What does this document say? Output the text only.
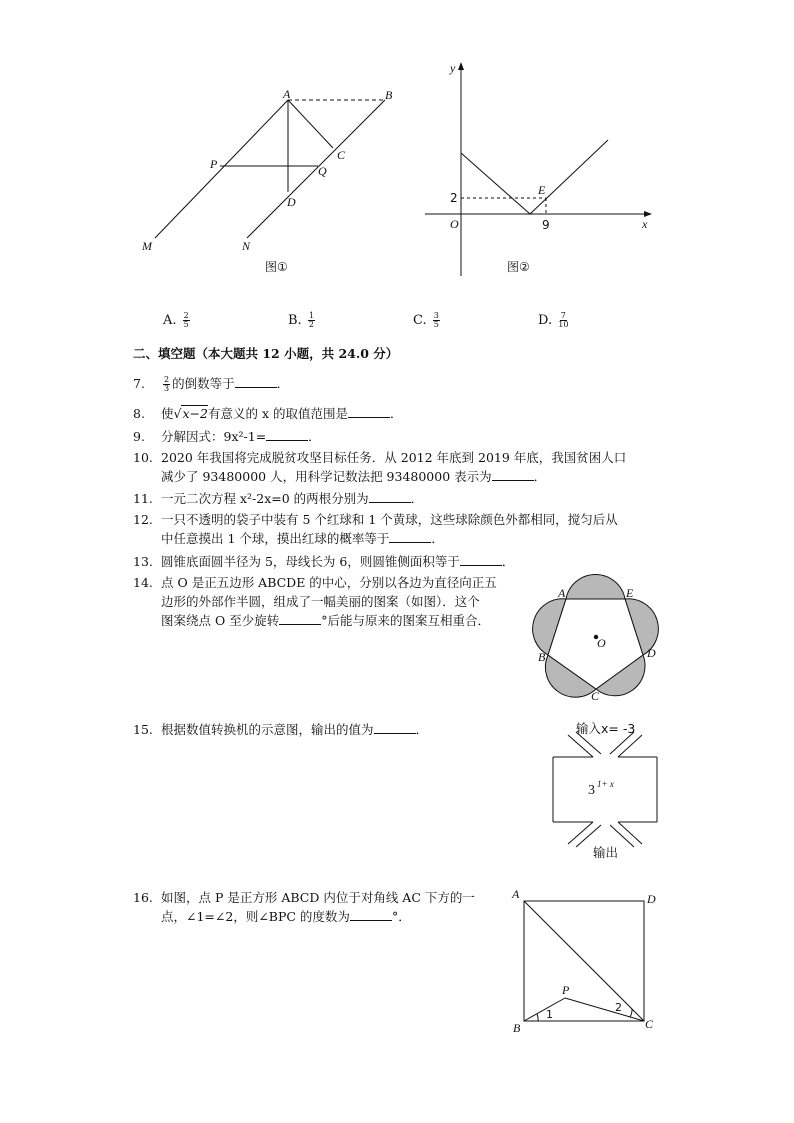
A	B
C
P	Q
D
M	N
图①
y
x
O
E
2
9
图②
A. $\frac{2}{5}$	B. $\frac{1}{2}$	C. $\frac{3}{5}$	D. $\frac{7}{10}$
二、填空题（本大题共 12 小题，共 24.0 分）
7. $\frac{2}{3}$ 的倒数等于	．
8. 使√x−2有意义的 x 的取值范围是	．
9. 分解因式：9x²-1=	．
10. 2020 年我国将完成脱贫攻坚目标任务．从 2012 年底到 2019 年底，我国贫困人口
减少了 93480000 人，用科学记数法把 93480000 表示为	．
11. 一元二次方程 x²-2x=0 的两根分别为	．
12. 一只不透明的袋子中装有 5 个红球和 1 个黄球，这些球除颜色外都相同，搅匀后从
中任意摸出 1 个球，摸出红球的概率等于	．
13. 圆锥底面圆半径为 5，母线长为 6，则圆锥侧面积等于	．
14. 点 O 是正五边形 ABCDE 的中心，分别以各边为直径向正五
边形的外部作半圆，组成了一幅美丽的图案（如图）．这个
图案绕点 O 至少旋转	°后能与原来的图案互相重合．
A	E
B	D
C
O
15. 根据数值转换机的示意图，输出的值为	．	输入x= -3
3 1+ x
输出
16. 如图，点 P 是正方形 ABCD 内位于对角线 AC 下方的一
点，∠1=∠2，则∠BPC 的度数为	°．
A	D
B	C
P
1
2
